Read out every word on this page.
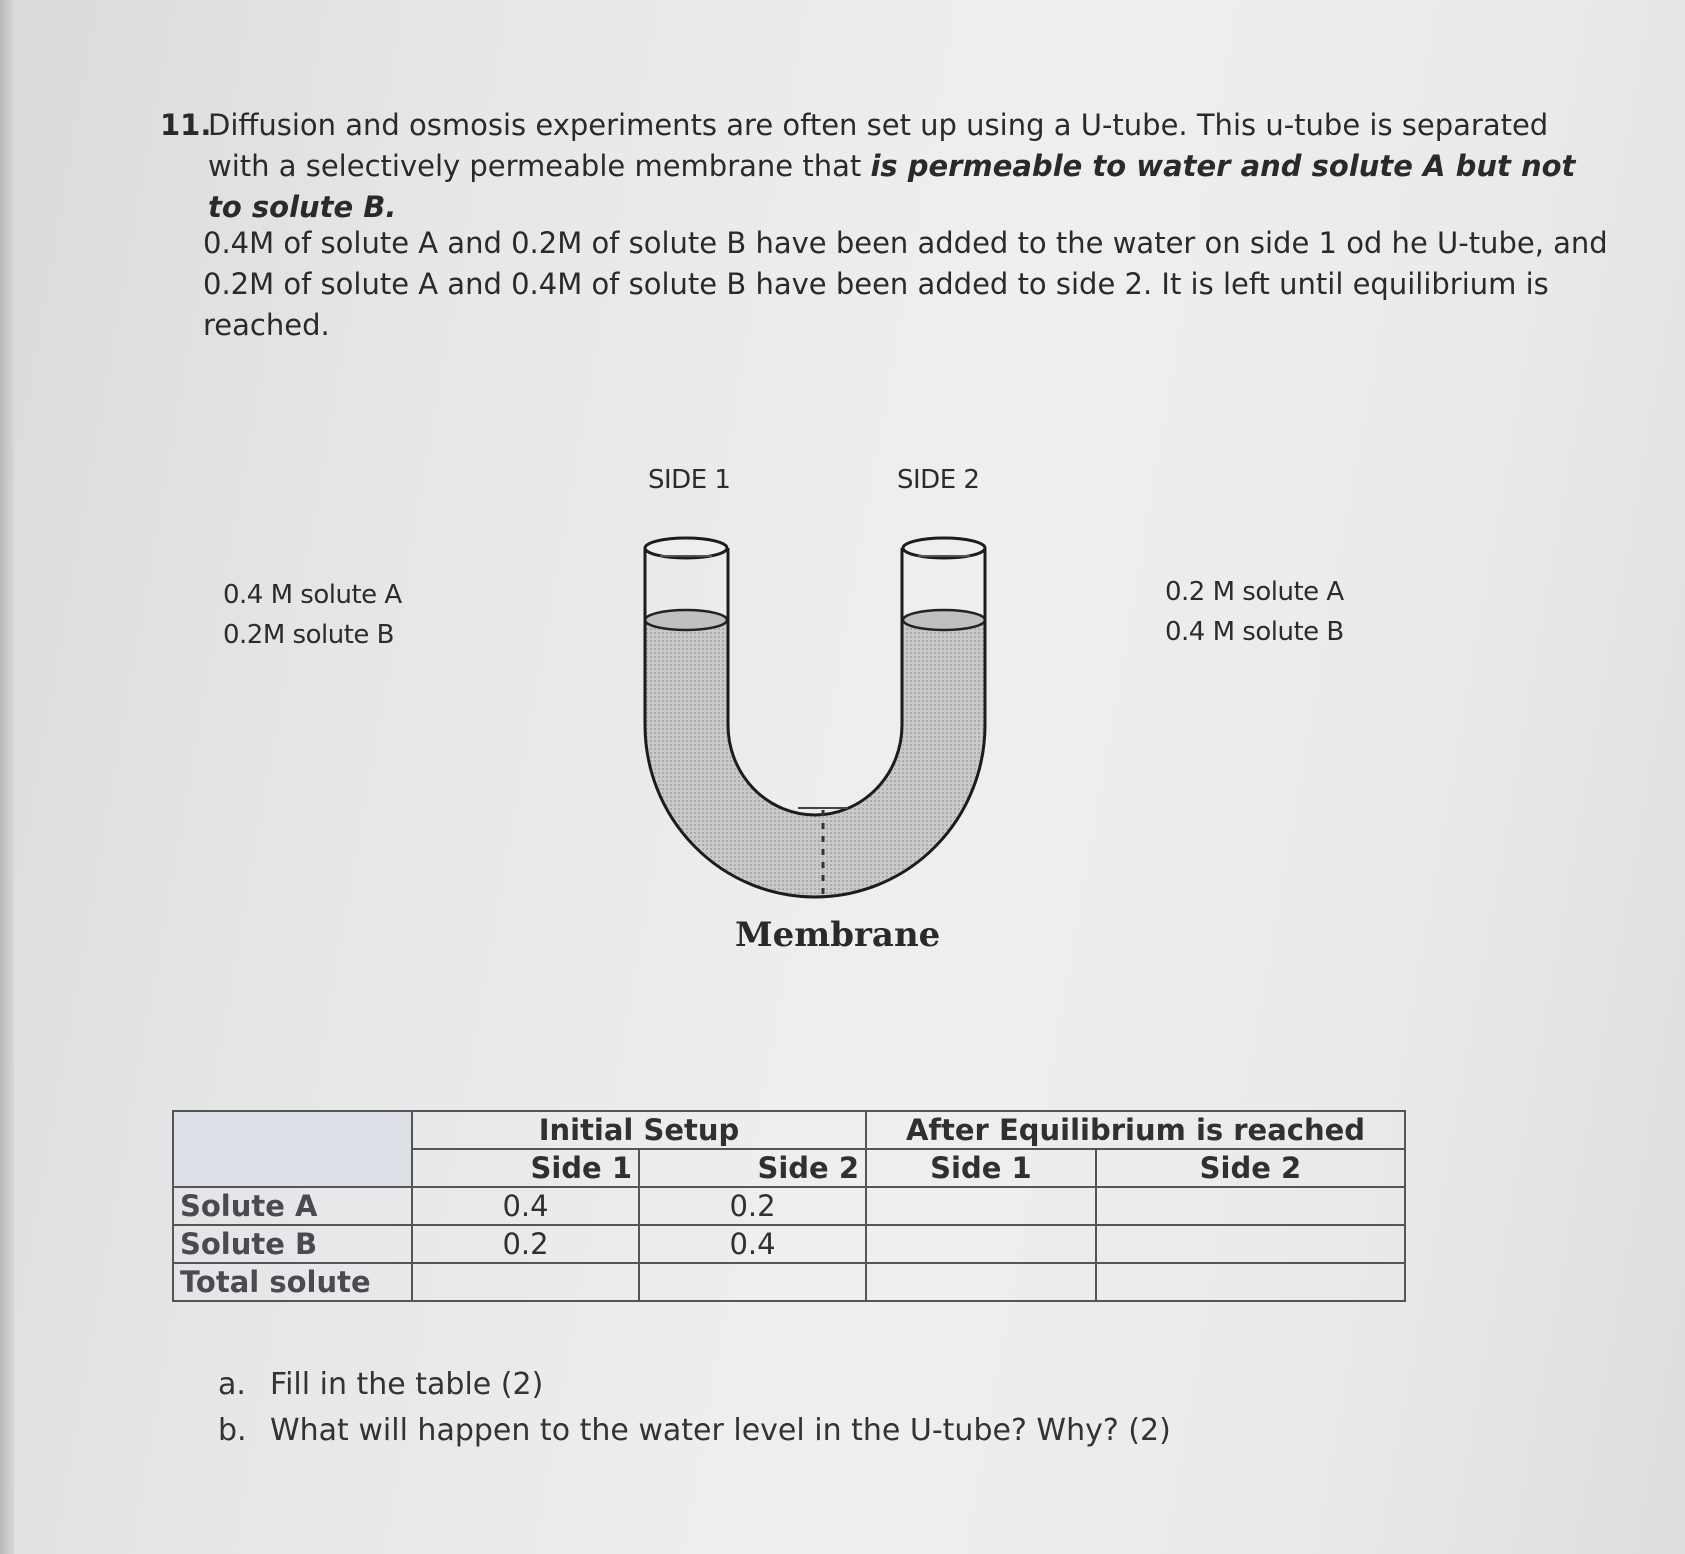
11.
Diffusion and osmosis experiments are often set up using a U-tube. This u-tube is separated with a selectively permeable membrane that is permeable to water and solute A but not to solute B.
0.4M of solute A and 0.2M of solute B have been added to the water on side 1 od he U-tube, and 0.2M of solute A and 0.4M of solute B have been added to side 2. It is left until equilibrium is reached.
SIDE 1	SIDE 2
0.4 M solute A
0.2M solute B
0.2 M solute A
0.4 M solute B
Membrane
	Initial Setup		After Equilibrium is reached	
	Side 1	Side 2	Side 1	Side 2
Solute A	0.4	0.2		
Solute B	0.2	0.4		
Total solute				
a. Fill in the table (2)
b. What will happen to the water level in the U-tube? Why? (2)
